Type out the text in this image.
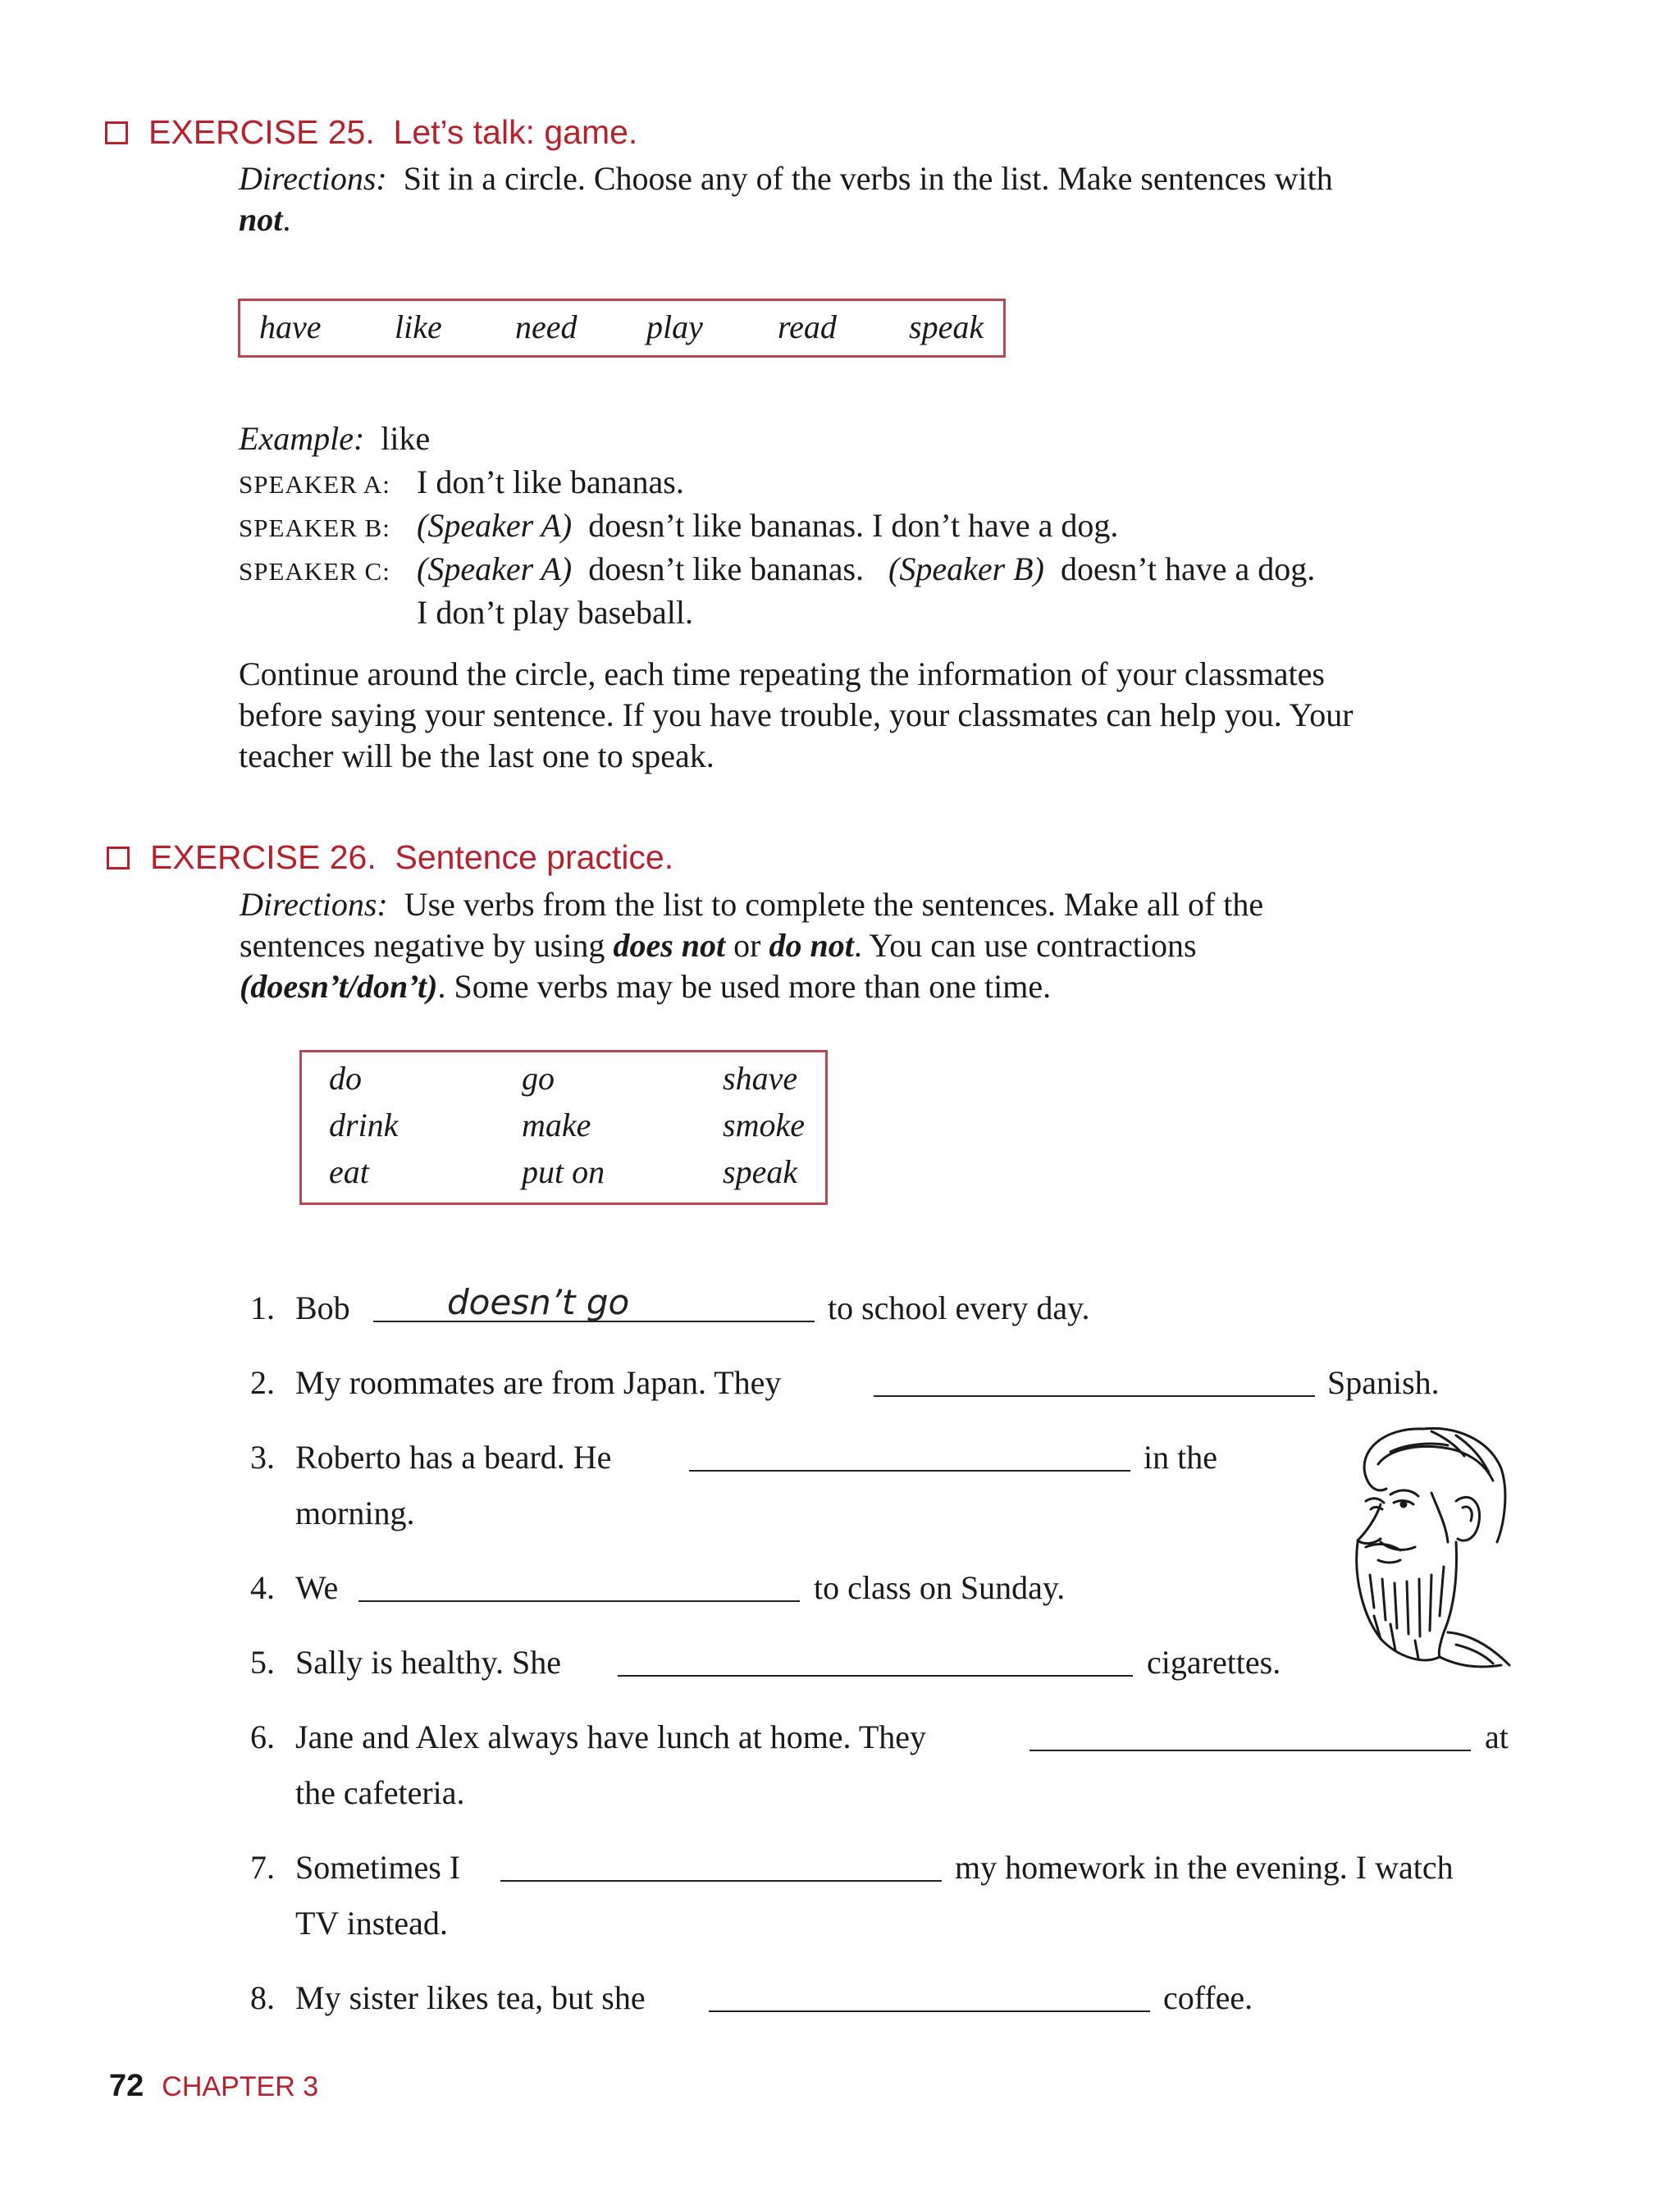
EXERCISE 25. Let’s talk: game.
Directions: Sit in a circle. Choose any of the verbs in the list. Make sentences with
not.
have like need play read speak
Example: like
SPEAKER A: I don’t like bananas.
SPEAKER B: (Speaker A) doesn’t like bananas. I don’t have a dog.
SPEAKER C: (Speaker A) doesn’t like bananas. (Speaker B) doesn’t have a dog.
I don’t play baseball.
Continue around the circle, each time repeating the information of your classmates
before saying your sentence. If you have trouble, your classmates can help you. Your
teacher will be the last one to speak.
EXERCISE 26. Sentence practice.
Directions: Use verbs from the list to complete the sentences. Make all of the
sentences negative by using does not or do not. You can use contractions
(doesn’t/don’t). Some verbs may be used more than one time.
do	go	shave
drink	make	smoke
eat	put on	speak
1. Bob	doesn’t go	to school every day.
2. My roommates are from Japan. They	Spanish.
3. Roberto has a beard. He	in the
morning.
4. We	to class on Sunday.
5. Sally is healthy. She	cigarettes.
6. Jane and Alex always have lunch at home. They	at
the cafeteria.
7. Sometimes I	my homework in the evening. I watch
TV instead.
8. My sister likes tea, but she	coffee.
72 CHAPTER 3
